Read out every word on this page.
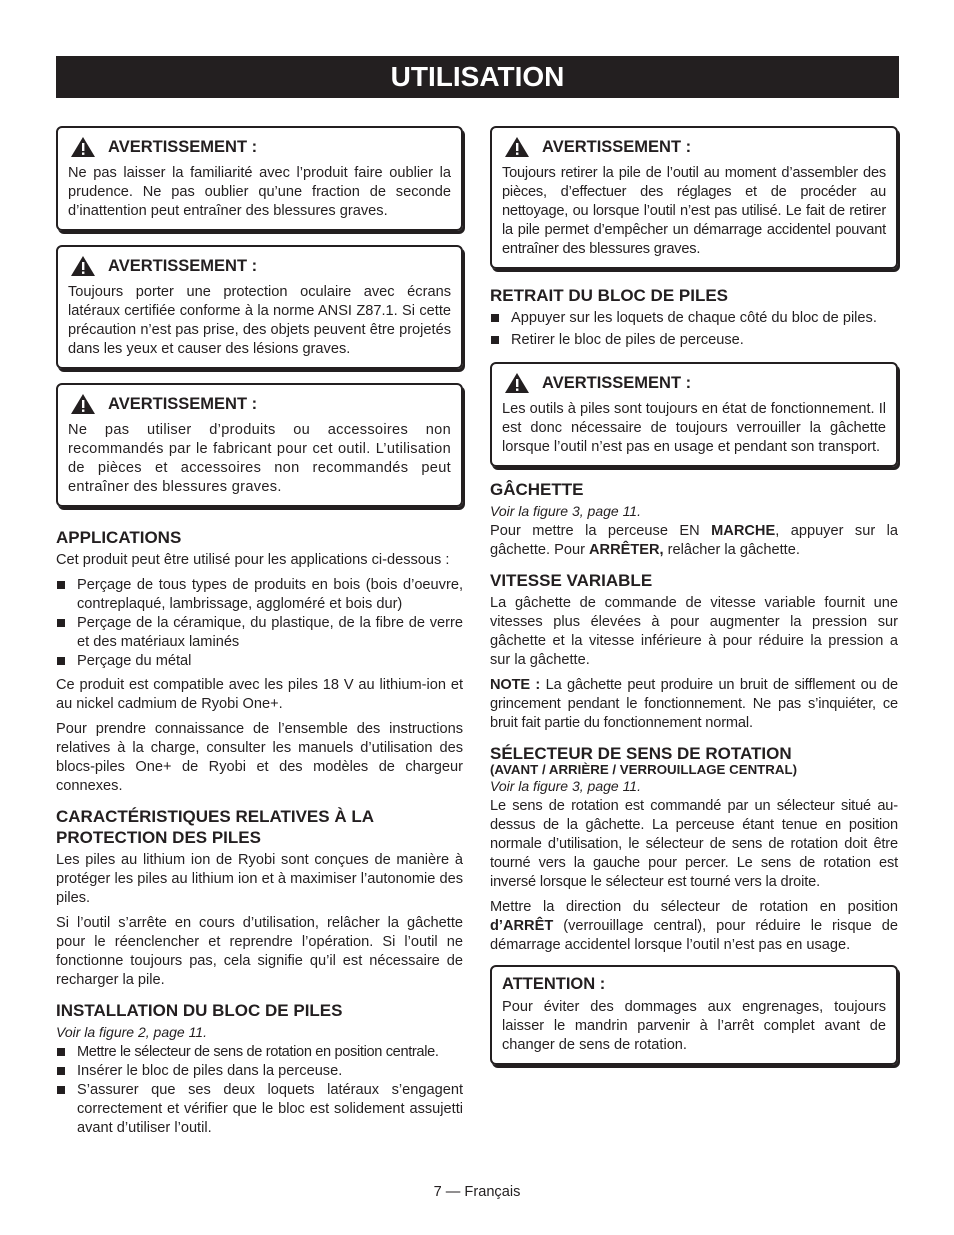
UTILISATION
AVERTISSEMENT :
Ne pas laisser la familiarité avec l’produit faire oublier la prudence. Ne pas oublier qu’une fraction de seconde d’inattention peut entraîner des blessures graves.
AVERTISSEMENT :
Toujours porter une protection oculaire avec écrans latéraux certifiée conforme à la norme ANSI Z87.1. Si cette précaution n’est pas prise, des objets peuvent être projetés dans les yeux et causer des lésions graves.
AVERTISSEMENT :
Ne pas utiliser d’produits ou accessoires non recommandés par le fabricant pour cet outil. L’utilisation de pièces et accessoires non recommandés peut entraîner des blessures graves.
APPLICATIONS

Cet produit peut être utilisé pour les applications ci-dessous :

Perçage de tous types de produits en bois (bois d’oeuvre, contreplaqué, lambrissage, aggloméré et bois dur)
Perçage de la céramique, du plastique, de la fibre de verre et des matériaux laminés
Perçage du métal

Ce produit est compatible avec les piles 18 V au lithium-ion et au nickel cadmium de Ryobi One+.

Pour prendre connaissance de l’ensemble des instructions relatives à la charge, consulter les manuels d’utilisation des blocs-piles One+ de Ryobi et des modèles de chargeur connexes.

CARACTÉRISTIQUES RELATIVES À LA PROTECTION DES PILES

Les piles au lithium ion de Ryobi sont conçues de manière à protéger les piles au lithium ion et à maximiser l’autonomie des piles.

Si l’outil s’arrête en cours d’utilisation, relâcher la gâchette pour le réenclencher et reprendre l’opération. Si l’outil ne fonctionne toujours pas, cela signifie qu’il est nécessaire de recharger la pile.

INSTALLATION DU BLOC DE PILES
Voir la figure 2, page 11.
Mettre le sélecteur de sens de rotation en position centrale.
Insérer le bloc de piles dans la perceuse.
S’assurer que ses deux loquets latéraux s’engagent correctement et vérifier que le bloc est solidement assujetti avant d’utiliser l’outil.
AVERTISSEMENT :
Toujours retirer la pile de l’outil au moment d’assembler des pièces, d’effectuer des réglages et de procéder au nettoyage, ou lorsque l’outil n’est pas utilisé. Le fait de retirer la pile permet d’empêcher un démarrage accidentel pouvant entraîner des blessures graves.
RETRAIT DU BLOC DE PILES
Appuyer sur les loquets de chaque côté du bloc de piles.
Retirer le bloc de piles de perceuse.
AVERTISSEMENT :
Les outils à piles sont toujours en état de fonctionnement. Il est donc nécessaire de toujours verrouiller la gâchette lorsque l’outil n’est pas en usage et pendant son transport.
GÂCHETTE
Voir la figure 3, page 11.

Pour mettre la perceuse EN MARCHE, appuyer sur la gâchette. Pour ARRÊTER, relâcher la gâchette.

VITESSE VARIABLE

La gâchette de commande de vitesse variable fournit une vitesses plus élevées à pour augmenter la pression sur gâchette et la vitesse inférieure à pour réduire la pression a sur la gâchette.

NOTE : La gâchette peut produire un bruit de sifflement ou de grincement pendant le fonctionnement. Ne pas s’inquiéter, ce bruit fait partie du fonctionnement normal.

SÉLECTEUR DE SENS DE ROTATION
(AVANT / ARRIÈRE / VERROUILLAGE CENTRAL)
Voir la figure 3, page 11.

Le sens de rotation est commandé par un sélecteur situé au-dessus de la gâchette. La perceuse étant tenue en position normale d’utilisation, le sélecteur de sens de rotation doit être tourné vers la gauche pour percer. Le sens de rotation est inversé lorsque le sélecteur est tourné vers la droite.

Mettre la direction du sélecteur de rotation en position d’ARRÊT (verrouillage central), pour réduire le risque de démarrage accidentel lorsque l’outil n’est pas en usage.

ATTENTION :
Pour éviter des dommages aux engrenages, toujours laisser le mandrin parvenir à l’arrêt complet avant de changer de sens de rotation.
7 — Français
